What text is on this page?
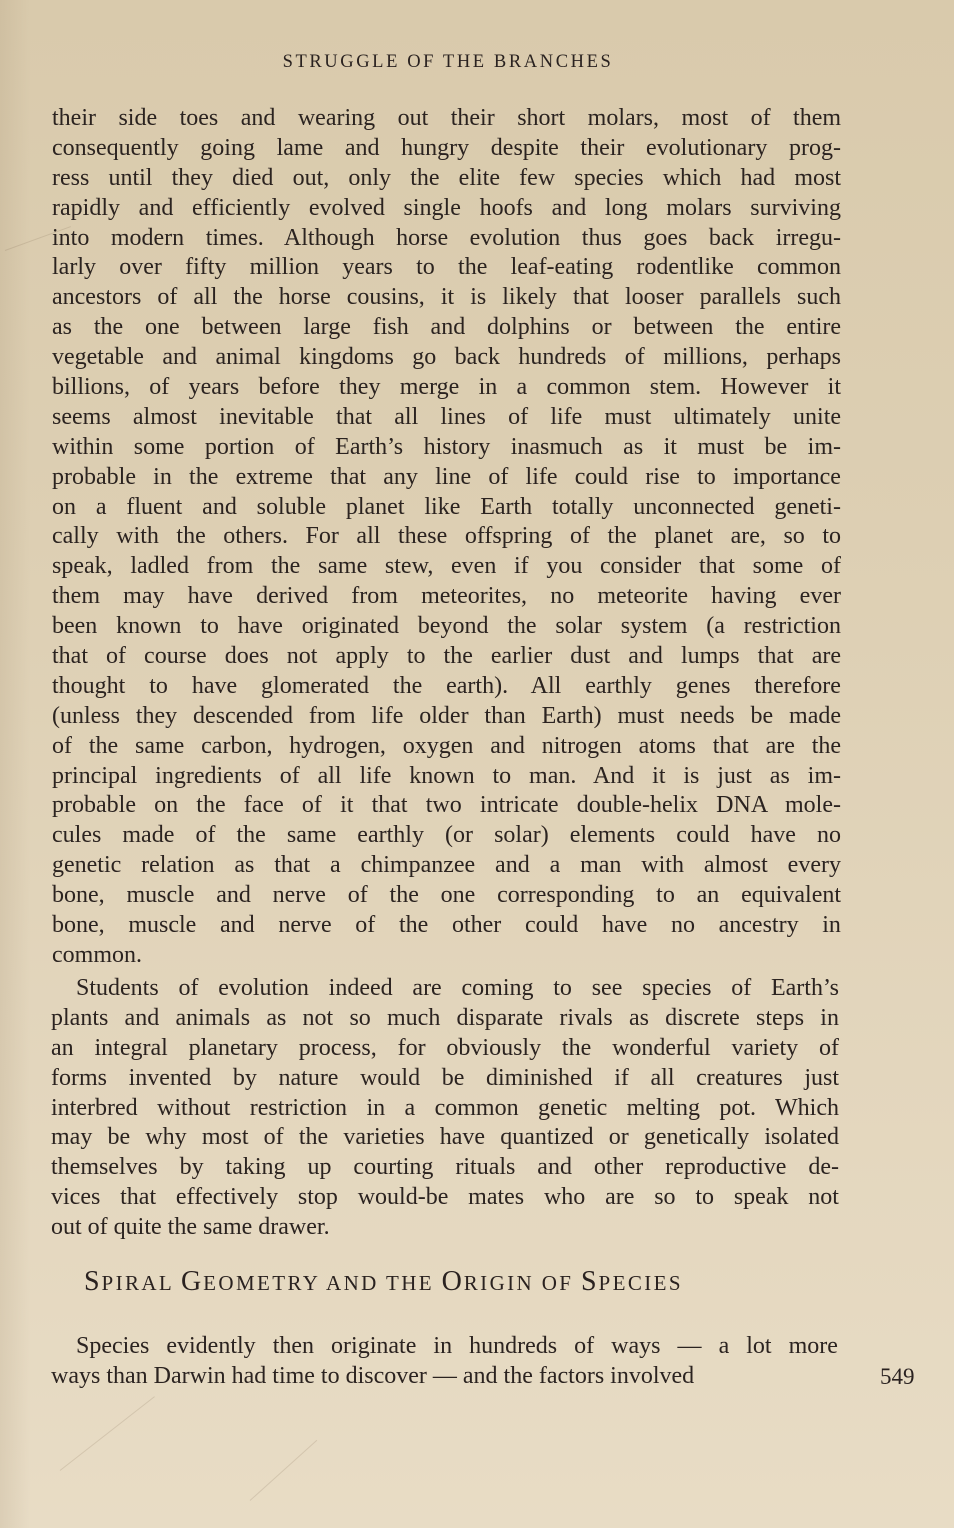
STRUGGLE OF THE BRANCHES
their side toes and wearing out their short molars, most of them
consequently going lame and hungry despite their evolutionary prog-
ress until they died out, only the elite few species which had most
rapidly and efficiently evolved single hoofs and long molars surviving
into modern times. Although horse evolution thus goes back irregu-
larly over fifty million years to the leaf-eating rodentlike common
ancestors of all the horse cousins, it is likely that looser parallels such
as the one between large fish and dolphins or between the entire
vegetable and animal kingdoms go back hundreds of millions, perhaps
billions, of years before they merge in a common stem. However it
seems almost inevitable that all lines of life must ultimately unite
within some portion of Earth’s history inasmuch as it must be im-
probable in the extreme that any line of life could rise to importance
on a fluent and soluble planet like Earth totally unconnected geneti-
cally with the others. For all these offspring of the planet are, so to
speak, ladled from the same stew, even if you consider that some of
them may have derived from meteorites, no meteorite having ever
been known to have originated beyond the solar system (a restriction
that of course does not apply to the earlier dust and lumps that are
thought to have glomerated the earth). All earthly genes therefore
(unless they descended from life older than Earth) must needs be made
of the same carbon, hydrogen, oxygen and nitrogen atoms that are the
principal ingredients of all life known to man. And it is just as im-
probable on the face of it that two intricate double-helix DNA mole-
cules made of the same earthly (or solar) elements could have no
genetic relation as that a chimpanzee and a man with almost every
bone, muscle and nerve of the one corresponding to an equivalent
bone, muscle and nerve of the other could have no ancestry in
common.
Students of evolution indeed are coming to see species of Earth’s
plants and animals as not so much disparate rivals as discrete steps in
an integral planetary process, for obviously the wonderful variety of
forms invented by nature would be diminished if all creatures just
interbred without restriction in a common genetic melting pot. Which
may be why most of the varieties have quantized or genetically isolated
themselves by taking up courting rituals and other reproductive de-
vices that effectively stop would-be mates who are so to speak not
out of quite the same drawer.
SPIRAL GEOMETRY AND THE ORIGIN OF SPECIES
Species evidently then originate in hundreds of ways — a lot more
ways than Darwin had time to discover — and the factors involved	549
